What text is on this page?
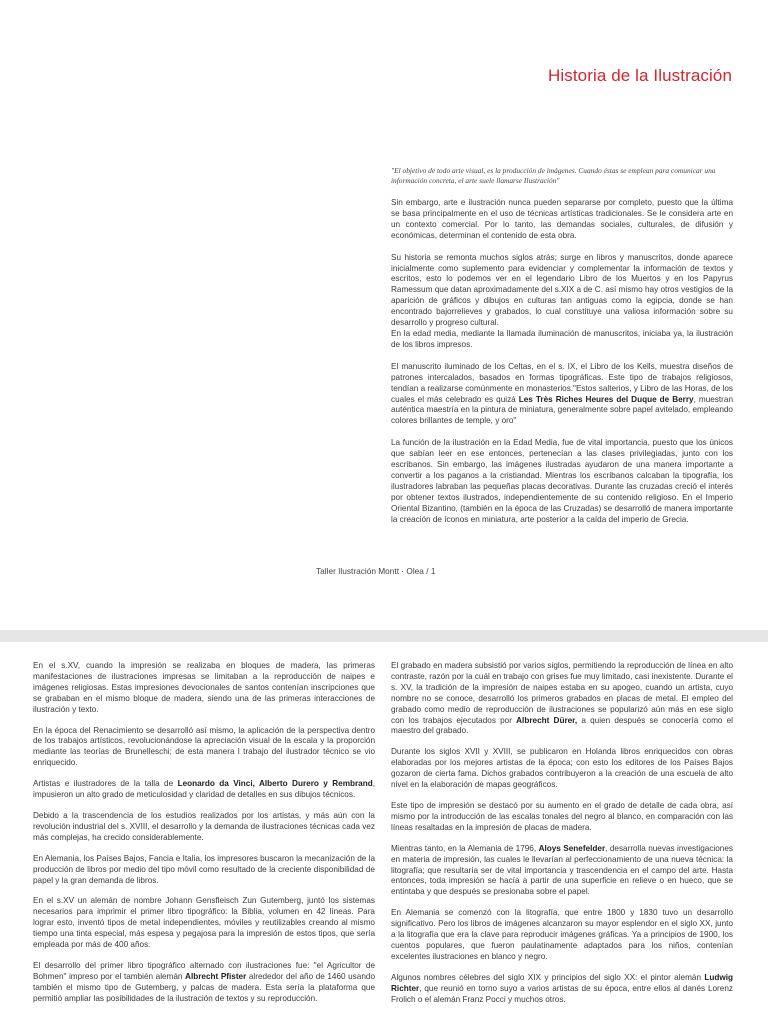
Historia de la Ilustración

"El objetivo de todo arte visual, es la producción de imágenes. Cuando éstas se emplean para comunicar una información concreta, el arte suele llamarse Ilustración"

Sin embargo, arte e ilustración nunca pueden separarse por completo, puesto que la última se basa principalmente en el uso de técnicas artísticas tradicionales. Se le considera arte en un contexto comercial. Por lo tanto, las demandas sociales, culturales, de difusión y económicas, determinan el contenido de esta obra.

Su historia se remonta muchos siglos atrás; surge en libros y manuscritos, donde aparece inicialmente como suplemento para evidenciar y complementar la información de textos y escritos, esto lo podemos ver en el legendario Libro de los Muertos y en los Papyrus Ramessum que datan aproximadamente del s.XIX a de C. así mismo hay otros vestigios de la aparición de gráficos y dibujos en culturas tan antiguas como la egipcia, donde se han encontrado bajorrelieves y grabados, lo cual constituye una valiosa información sobre su desarrollo y progreso cultural.

En la edad media, mediante la llamada iluminación de manuscritos, iniciaba ya, la ilustración de los libros impresos.

El manuscrito iluminado de los Celtas, en el s. IX, el Libro de los Kells, muestra diseños de patrones intercalados, basados en formas tipográficas. Este tipo de trabajos religiosos, tendían a realizarse comúnmente en monasterios."Estos salterios, y Libro de las Horas, de los cuales el más celebrado es quizá Les Très Riches Heures del Duque de Berry, muestran auténtica maestría en la pintura de miniatura, generalmente sobre papel avitelado, empleando colores brillantes de temple, y oro"

La función de la ilustración en la Edad Media, fue de vital importancia, puesto que los únicos que sabían leer en ese entonces, pertenecían a las clases privilegiadas, junto con los escribanos. Sin embargo, las imágenes ilustradas ayudaron de una manera importante a convertir a los paganos a la cristiandad. Mientras los escribanos calcaban la tipografía, los ilustradores labraban las pequeñas placas decorativas. Durante las cruzadas creció el interés por obtener textos ilustrados, independientemente de su contenido religioso. En el Imperio Oriental Bizantino, (también en la época de las Cruzadas) se desarrolló de manera importante la creación de íconos en miniatura, arte posterior a la caída del imperio de Grecia.

Taller Ilustración Montt · Olea / 1

En el s.XV, cuando la impresión se realizaba en bloques de madera, las primeras manifestaciones de ilustraciones impresas se limitaban a la reproducción de naipes e imágenes religiosas. Estas impresiones devocionales de santos contenían inscripciones que se grababan en el mismo bloque de madera, siendo una de las primeras interacciones de ilustración y texto.

En la época del Renacimiento se desarrolló así mismo, la aplicación de la perspectiva dentro de los trabajos artísticos, revolucionándose la apreciación visual de la escala y la proporción mediante las teorías de Brunelleschi; de esta manera l trabajo del ilustrador técnico se vio enriquecido.

Artistas e ilustradores de la talla de Leonardo da Vinci, Alberto Durero y Rembrand, impusieron un alto grado de meticulosidad y claridad de detalles en sus dibujos técnicos.

Debido a la trascendencia de los estudios realizados por los artistas, y más aún con la revolución industrial del s. XVIII, el desarrollo y la demanda de ilustraciones técnicas cada vez más complejas, ha crecido considerablemente.

En Alemania, los Países Bajos, Fancia e Italia, los impresores buscaron la mecanización de la producción de libros por medio del tipo móvil como resultado de la creciente disponibilidad de papel y la gran demanda de libros.

En el s.XV un alemán de nombre Johann Gensfleisch Zun Gutemberg, juntó los sistemas necesarios para imprimir el primer libro tipográfico: la Biblia, volumen en 42 líneas. Para lograr esto, inventó tipos de metal independientes, móviles y reutilizables creando al mismo tiempo una tinta especial, más espesa y pegajosa para la impresión de estos tipos, que sería empleada por más de 400 años.

El desarrollo del primer libro tipográfico alternado con ilustraciones fue: "el Agricultor de Bohmen" impreso por el también alemán Albrecht Pfister alrededor del año de 1460 usando también el mismo tipo de Gutemberg, y palcas de madera. Esta sería la plataforma que permitió ampliar las posibilidades de la ilustración de textos y su reproducción.

El grabado en madera subsistió por varios siglos, permitiendo la reproducción de línea en alto contraste, razón por la cuál en trabajo con grises fue muy limitado, casi inexistente. Durante el s. XV, la tradición de la impresión de naipes estaba en su apogeo, cuando un artista, cuyo nombre no se conoce, desarrolló los primeros grabados en placas de metal. El empleo del grabado como medio de reproducción de ilustraciones se popularizó aún más en ese siglo con los trabajos ejecutados por Albrecht Dürer, a quien después se conocería como el maestro del grabado.

Durante los siglos XVII y XVIII, se publicaron en Holanda libros enriquecidos con obras elaboradas por los mejores artistas de la época; con esto los editores de los Países Bajos gozaron de cierta fama. Dichos grabados contribuyeron a la creación de una escuela de alto nivel en la elaboración de mapas geográficos.

Este tipo de impresión se destacó por su aumento en el grado de detalle de cada obra, así mismo por la introducción de las escalas tonales del negro al blanco, en comparación con las líneas resaltadas en la impresión de placas de madera.

Mientras tanto, en la Alemania de 1796, Aloys Senefelder, desarrolla nuevas investigaciones en materia de impresión, las cuales le llevarían al perfeccionamiento de una nueva técnica: la litografía; que resultaría ser de vital importancia y trascendencia en el campo del arte. Hasta entonces, toda impresión se hacía a partir de una superficie en relieve o en hueco, que se entintaba y que después se presionaba sobre el papel.

En Alemania se comenzó con la litografía, que entre 1800 y 1830 tuvo un desarrollo significativo. Pero los libros de imágenes alcanzaron su mayor esplendor en el siglo XX, junto a la litografía que era la clave para reproducir imágenes gráficas. Ya a principios de 1900, los cuentos populares, que fueron paulatinamente adaptados para los niños, contenían excelentes ilustraciones en blanco y negro.

Algunos nombres célebres del siglo XIX y principios del siglo XX: el pintor alemán Ludwig Richter, que reunió en torno suyo a varios artistas de su época, entre ellos al danés Lorenz Frolich o el alemán Franz Pocci y muchos otros.
